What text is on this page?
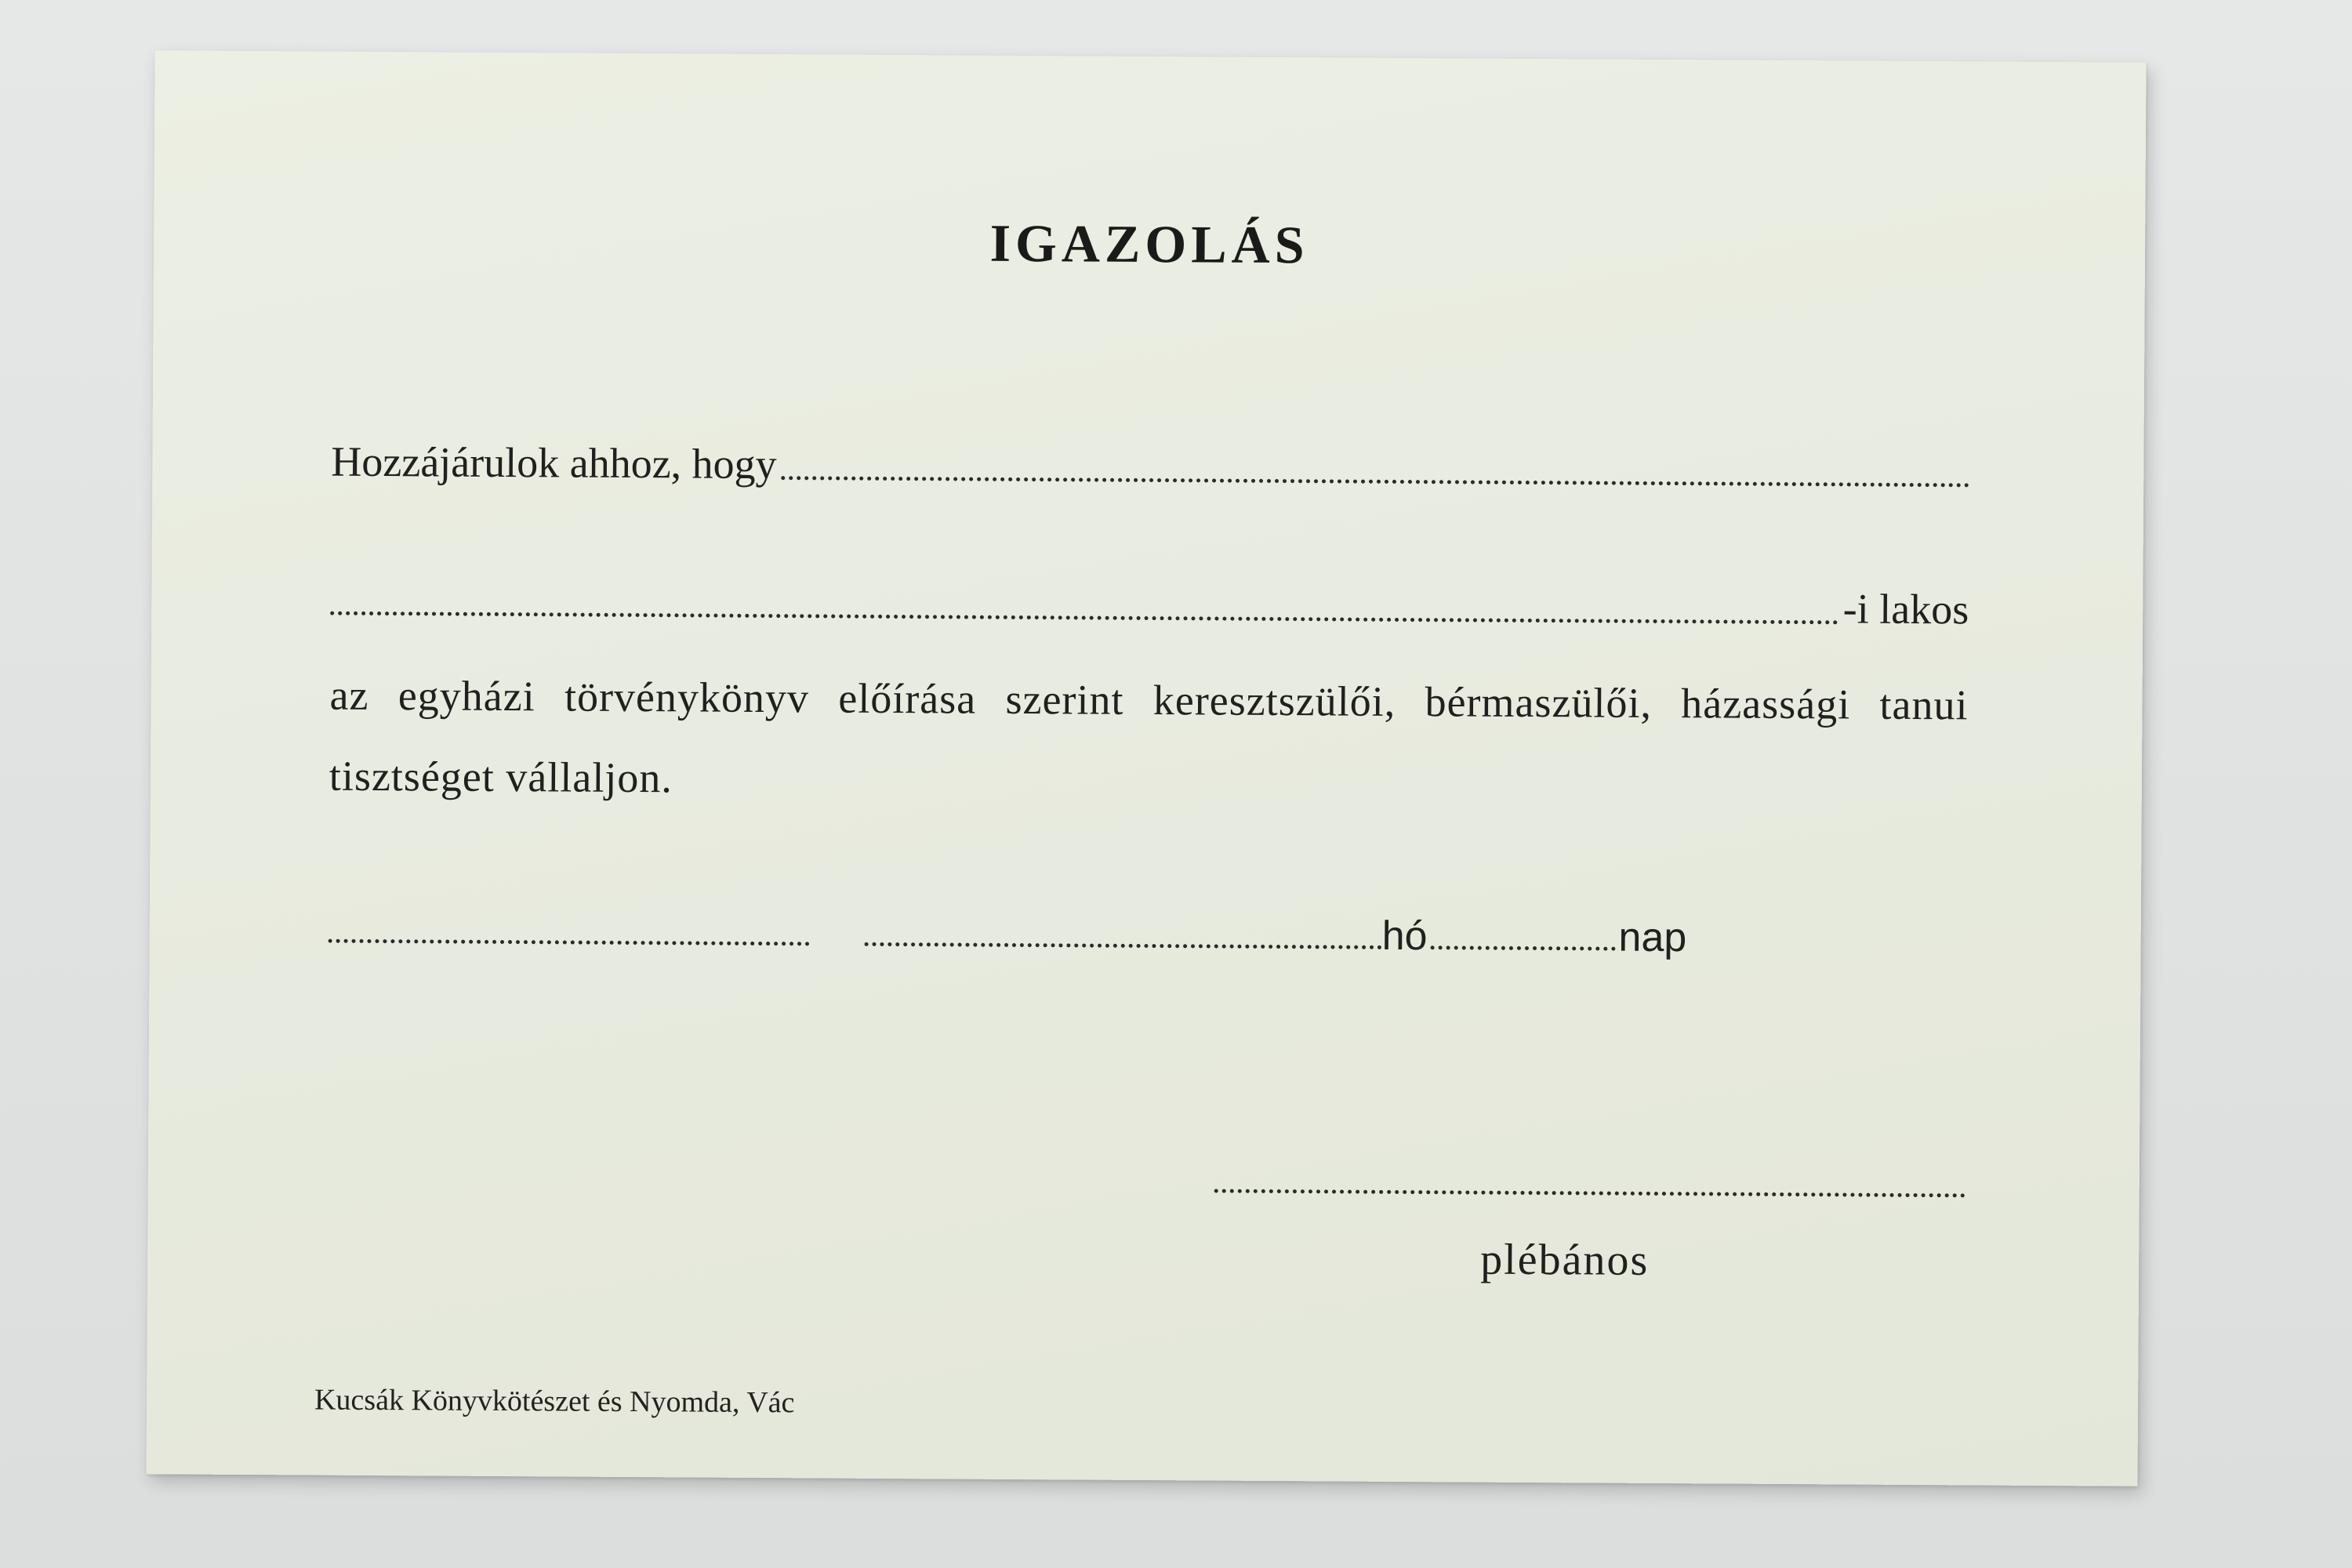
IGAZOLÁS
Hozzájárulok ahhoz, hogy
-i lakos
az egyházi törvénykönyv előírása szerint keresztszülői, bérmaszülői, házassági tanui tisztséget vállaljon.
hó	nap
plébános
Kucsák Könyvkötészet és Nyomda, Vác
